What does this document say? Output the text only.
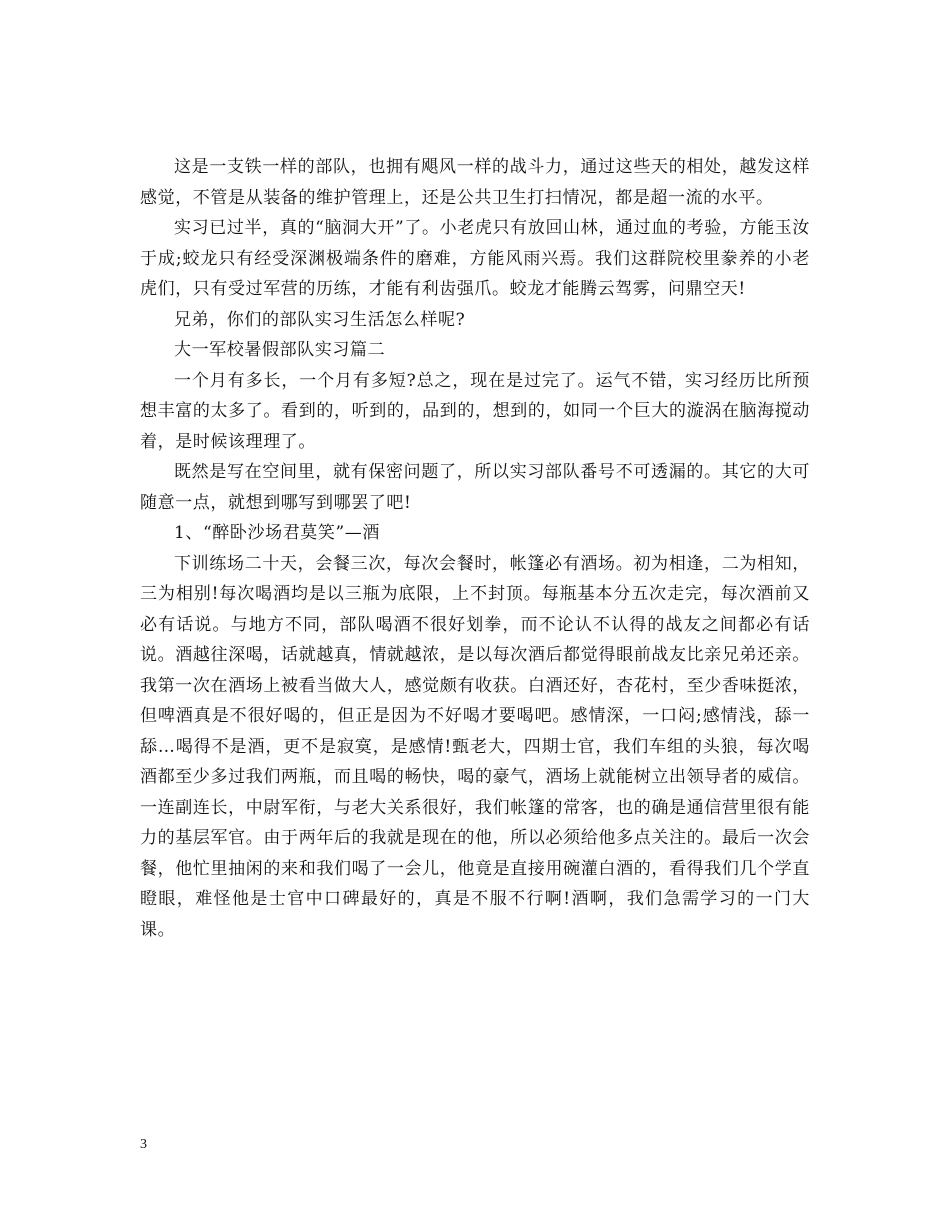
这是一支铁一样的部队，也拥有飓风一样的战斗力，通过这些天的相处，越发这样感觉，不管是从装备的维护管理上，还是公共卫生打扫情况，都是超一流的水平。

实习已过半，真的“脑洞大开”了。小老虎只有放回山林，通过血的考验，方能玉汝于成;蛟龙只有经受深渊极端条件的磨难，方能风雨兴焉。我们这群院校里豢养的小老虎们，只有受过军营的历练，才能有利齿强爪。蛟龙才能腾云驾雾，问鼎空天!

兄弟，你们的部队实习生活怎么样呢?

大一军校暑假部队实习篇二

一个月有多长，一个月有多短?总之，现在是过完了。运气不错，实习经历比所预想丰富的太多了。看到的，听到的，品到的，想到的，如同一个巨大的漩涡在脑海搅动着，是时候该理理了。

既然是写在空间里，就有保密问题了，所以实习部队番号不可透漏的。其它的大可随意一点，就想到哪写到哪罢了吧!

1、“醉卧沙场君莫笑”—酒

下训练场二十天，会餐三次，每次会餐时，帐篷必有酒场。初为相逢，二为相知，三为相别!每次喝酒均是以三瓶为底限，上不封顶。每瓶基本分五次走完，每次酒前又必有话说。与地方不同，部队喝酒不很好划拳，而不论认不认得的战友之间都必有话说。酒越往深喝，话就越真，情就越浓，是以每次酒后都觉得眼前战友比亲兄弟还亲。我第一次在酒场上被看当做大人，感觉颇有收获。白酒还好，杏花村，至少香味挺浓，但啤酒真是不很好喝的，但正是因为不好喝才要喝吧。感情深，一口闷;感情浅，舔一舔…喝得不是酒，更不是寂寞，是感情!甄老大，四期士官，我们车组的头狼，每次喝酒都至少多过我们两瓶，而且喝的畅快，喝的豪气，酒场上就能树立出领导者的威信。一连副连长，中尉军衔，与老大关系很好，我们帐篷的常客，也的确是通信营里很有能力的基层军官。由于两年后的我就是现在的他，所以必须给他多点关注的。最后一次会餐，他忙里抽闲的来和我们喝了一会儿，他竟是直接用碗灌白酒的，看得我们几个学直瞪眼，难怪他是士官中口碑最好的，真是不服不行啊!酒啊，我们急需学习的一门大课。

3
